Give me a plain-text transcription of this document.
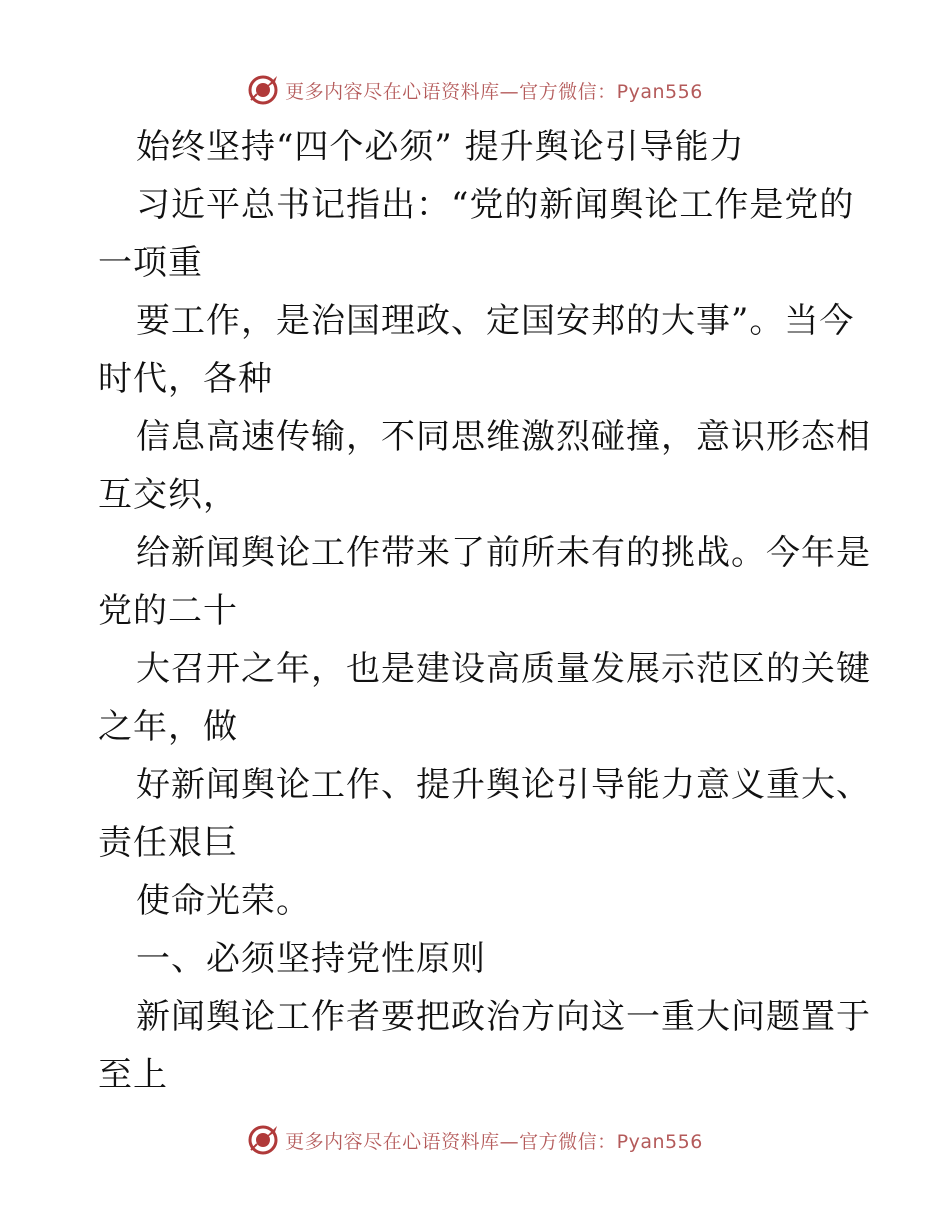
更多内容尽在心语资料库—官方微信：Pyan556
始终坚持“四个必须” 提升舆论引导能力
习近平总书记指出：“党的新闻舆论工作是党的
一项重
要工作，是治国理政、定国安邦的大事”。当今
时代，各种
信息高速传输，不同思维激烈碰撞，意识形态相
互交织，
给新闻舆论工作带来了前所未有的挑战。今年是
党的二十
大召开之年，也是建设高质量发展示范区的关键
之年，做
好新闻舆论工作、提升舆论引导能力意义重大、
责任艰巨
使命光荣。
一、必须坚持党性原则
新闻舆论工作者要把政治方向这一重大问题置于
至上
更多内容尽在心语资料库—官方微信：Pyan556
